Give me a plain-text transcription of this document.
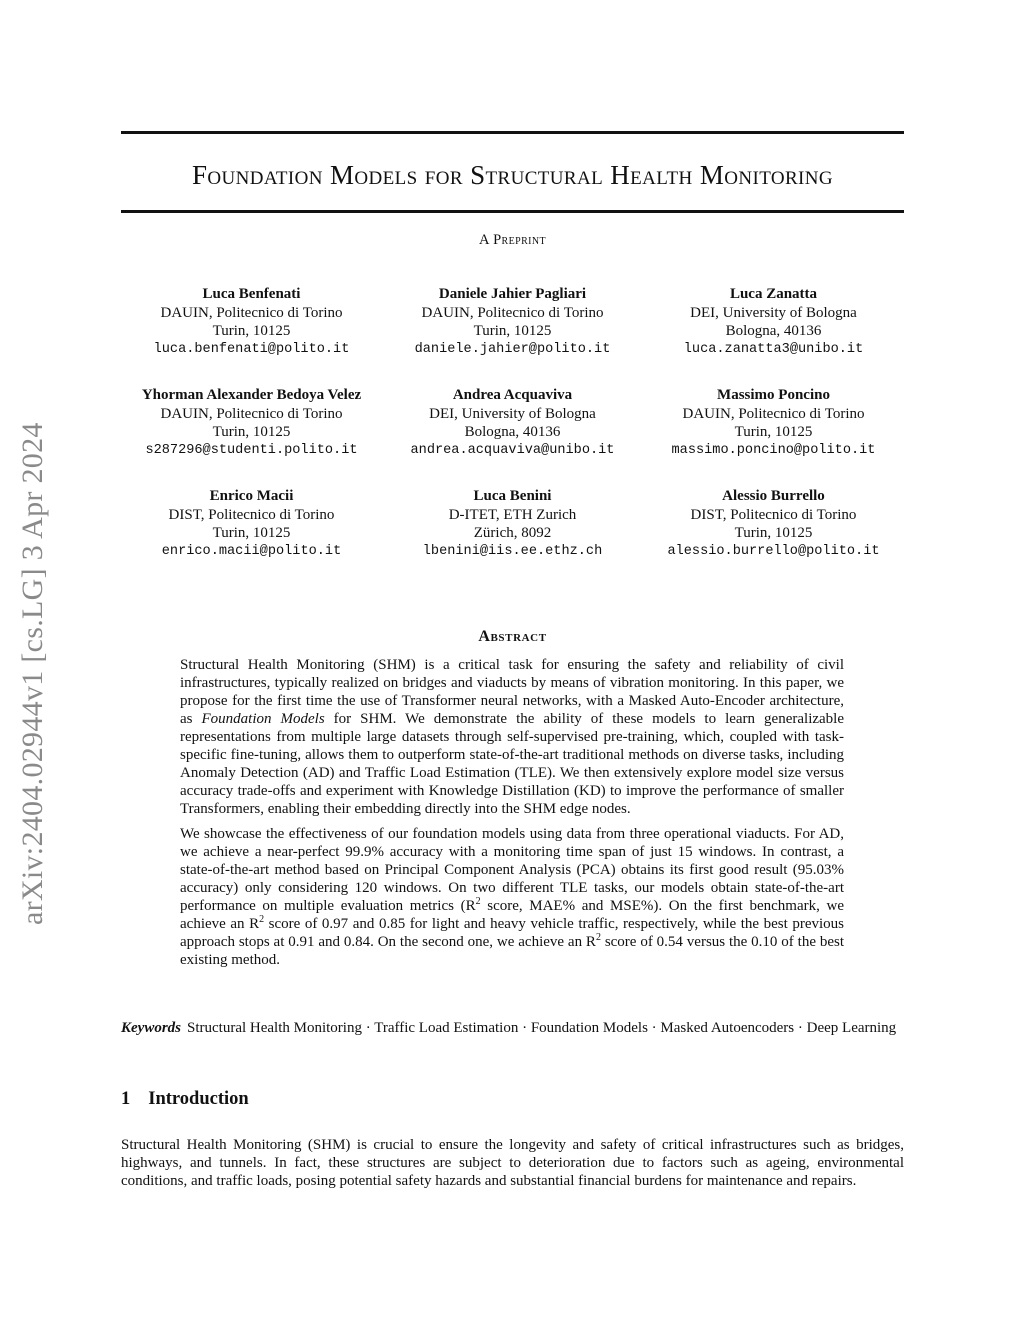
arXiv:2404.02944v1 [cs.LG] 3 Apr 2024
Foundation Models for Structural Health Monitoring
A Preprint
Luca Benfenati
DAUIN, Politecnico di Torino
Turin, 10125
luca.benfenati@polito.it
Daniele Jahier Pagliari
DAUIN, Politecnico di Torino
Turin, 10125
daniele.jahier@polito.it
Luca Zanatta
DEI, University of Bologna
Bologna, 40136
luca.zanatta3@unibo.it
Yhorman Alexander Bedoya Velez
DAUIN, Politecnico di Torino
Turin, 10125
s287296@studenti.polito.it
Andrea Acquaviva
DEI, University of Bologna
Bologna, 40136
andrea.acquaviva@unibo.it
Massimo Poncino
DAUIN, Politecnico di Torino
Turin, 10125
massimo.poncino@polito.it
Enrico Macii
DIST, Politecnico di Torino
Turin, 10125
enrico.macii@polito.it
Luca Benini
D-ITET, ETH Zurich
Zürich, 8092
lbenini@iis.ee.ethz.ch
Alessio Burrello
DIST, Politecnico di Torino
Turin, 10125
alessio.burrello@polito.it
Abstract

Structural Health Monitoring (SHM) is a critical task for ensuring the safety and reliability of civil infrastructures, typically realized on bridges and viaducts by means of vibration monitoring. In this paper, we propose for the first time the use of Transformer neural networks, with a Masked Auto-Encoder architecture, as Foundation Models for SHM. We demonstrate the ability of these models to learn generalizable representations from multiple large datasets through self-supervised pre-training, which, coupled with task-specific fine-tuning, allows them to outperform state-of-the-art traditional methods on diverse tasks, including Anomaly Detection (AD) and Traffic Load Estimation (TLE). We then extensively explore model size versus accuracy trade-offs and experiment with Knowledge Distillation (KD) to improve the performance of smaller Transformers, enabling their embedding directly into the SHM edge nodes.

We showcase the effectiveness of our foundation models using data from three operational viaducts. For AD, we achieve a near-perfect 99.9% accuracy with a monitoring time span of just 15 windows. In contrast, a state-of-the-art method based on Principal Component Analysis (PCA) obtains its first good result (95.03% accuracy) only considering 120 windows. On two different TLE tasks, our models obtain state-of-the-art performance on multiple evaluation metrics ($R^2$ score, MAE% and MSE%). On the first benchmark, we achieve an $R^2$ score of 0.97 and 0.85 for light and heavy vehicle traffic, respectively, while the best previous approach stops at 0.91 and 0.84. On the second one, we achieve an $R^2$ score of 0.54 versus the 0.10 of the best existing method.

Keywords Structural Health Monitoring · Traffic Load Estimation · Foundation Models · Masked Autoencoders · Deep Learning
1 Introduction

Structural Health Monitoring (SHM) is crucial to ensure the longevity and safety of critical infrastructures such as bridges, highways, and tunnels. In fact, these structures are subject to deterioration due to factors such as ageing, environmental conditions, and traffic loads, posing potential safety hazards and substantial financial burdens for maintenance and repairs.
